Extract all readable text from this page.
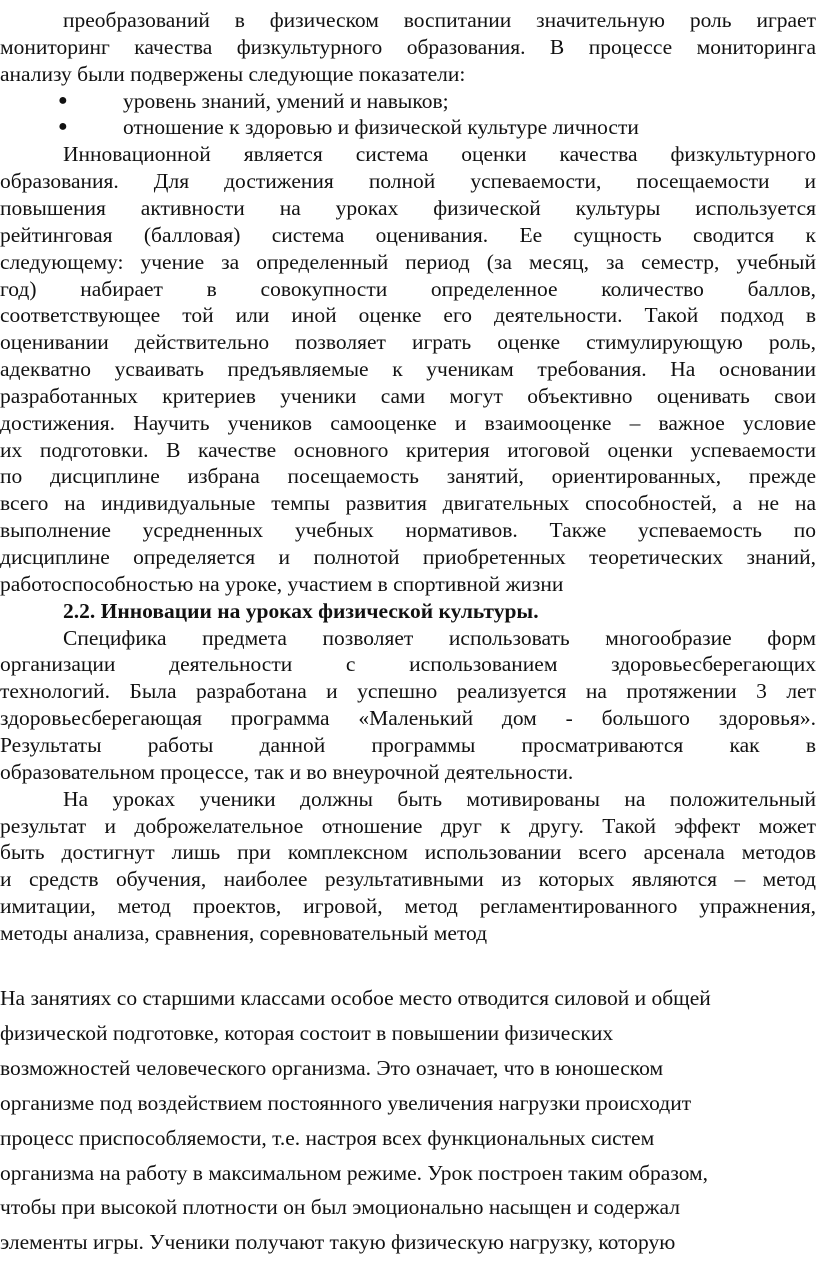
преобразований в физическом воспитании значительную роль играет
мониторинг качества физкультурного образования. В процессе мониторинга
анализу были подвержены следующие показатели:
●	уровень знаний, умений и навыков;
●	отношение к здоровью и физической культуре личности
Инновационной является система оценки качества физкультурного
образования. Для достижения полной успеваемости, посещаемости и
повышения активности на уроках физической культуры используется
рейтинговая (балловая) система оценивания. Ее сущность сводится к
следующему: учение за определенный период (за месяц, за семестр, учебный
год) набирает в совокупности определенное количество баллов,
соответствующее той или иной оценке его деятельности. Такой подход в
оценивании действительно позволяет играть оценке стимулирующую роль,
адекватно усваивать предъявляемые к ученикам требования. На основании
разработанных критериев ученики сами могут объективно оценивать свои
достижения. Научить учеников самооценке и взаимооценке – важное условие
их подготовки. В качестве основного критерия итоговой оценки успеваемости
по дисциплине избрана посещаемость занятий, ориентированных, прежде
всего на индивидуальные темпы развития двигательных способностей, а не на
выполнение усредненных учебных нормативов. Также успеваемость по
дисциплине определяется и полнотой приобретенных теоретических знаний,
работоспособностью на уроке, участием в спортивной жизни
2.2. Инновации на уроках физической культуры.
Специфика предмета позволяет использовать многообразие форм
организации деятельности с использованием здоровьесберегающих
технологий. Была разработана и успешно реализуется на протяжении 3 лет
здоровьесберегающая программа «Маленький дом - большого здоровья».
Результаты работы данной программы просматриваются как в
образовательном процессе, так и во внеурочной деятельности.
На уроках ученики должны быть мотивированы на положительный
результат и доброжелательное отношение друг к другу. Такой эффект может
быть достигнут лишь при комплексном использовании всего арсенала методов
и средств обучения, наиболее результативными из которых являются – метод
имитации, метод проектов, игровой, метод регламентированного упражнения,
методы анализа, сравнения, соревновательный метод
На занятиях со старшими классами особое место отводится силовой и общей
физической подготовке, которая состоит в повышении физических
возможностей человеческого организма. Это означает, что в юношеском
организме под воздействием постоянного увеличения нагрузки происходит
процесс приспособляемости, т.е. настроя всех функциональных систем
организма на работу в максимальном режиме. Урок построен таким образом,
чтобы при высокой плотности он был эмоционально насыщен и содержал
элементы игры. Ученики получают такую физическую нагрузку, которую
